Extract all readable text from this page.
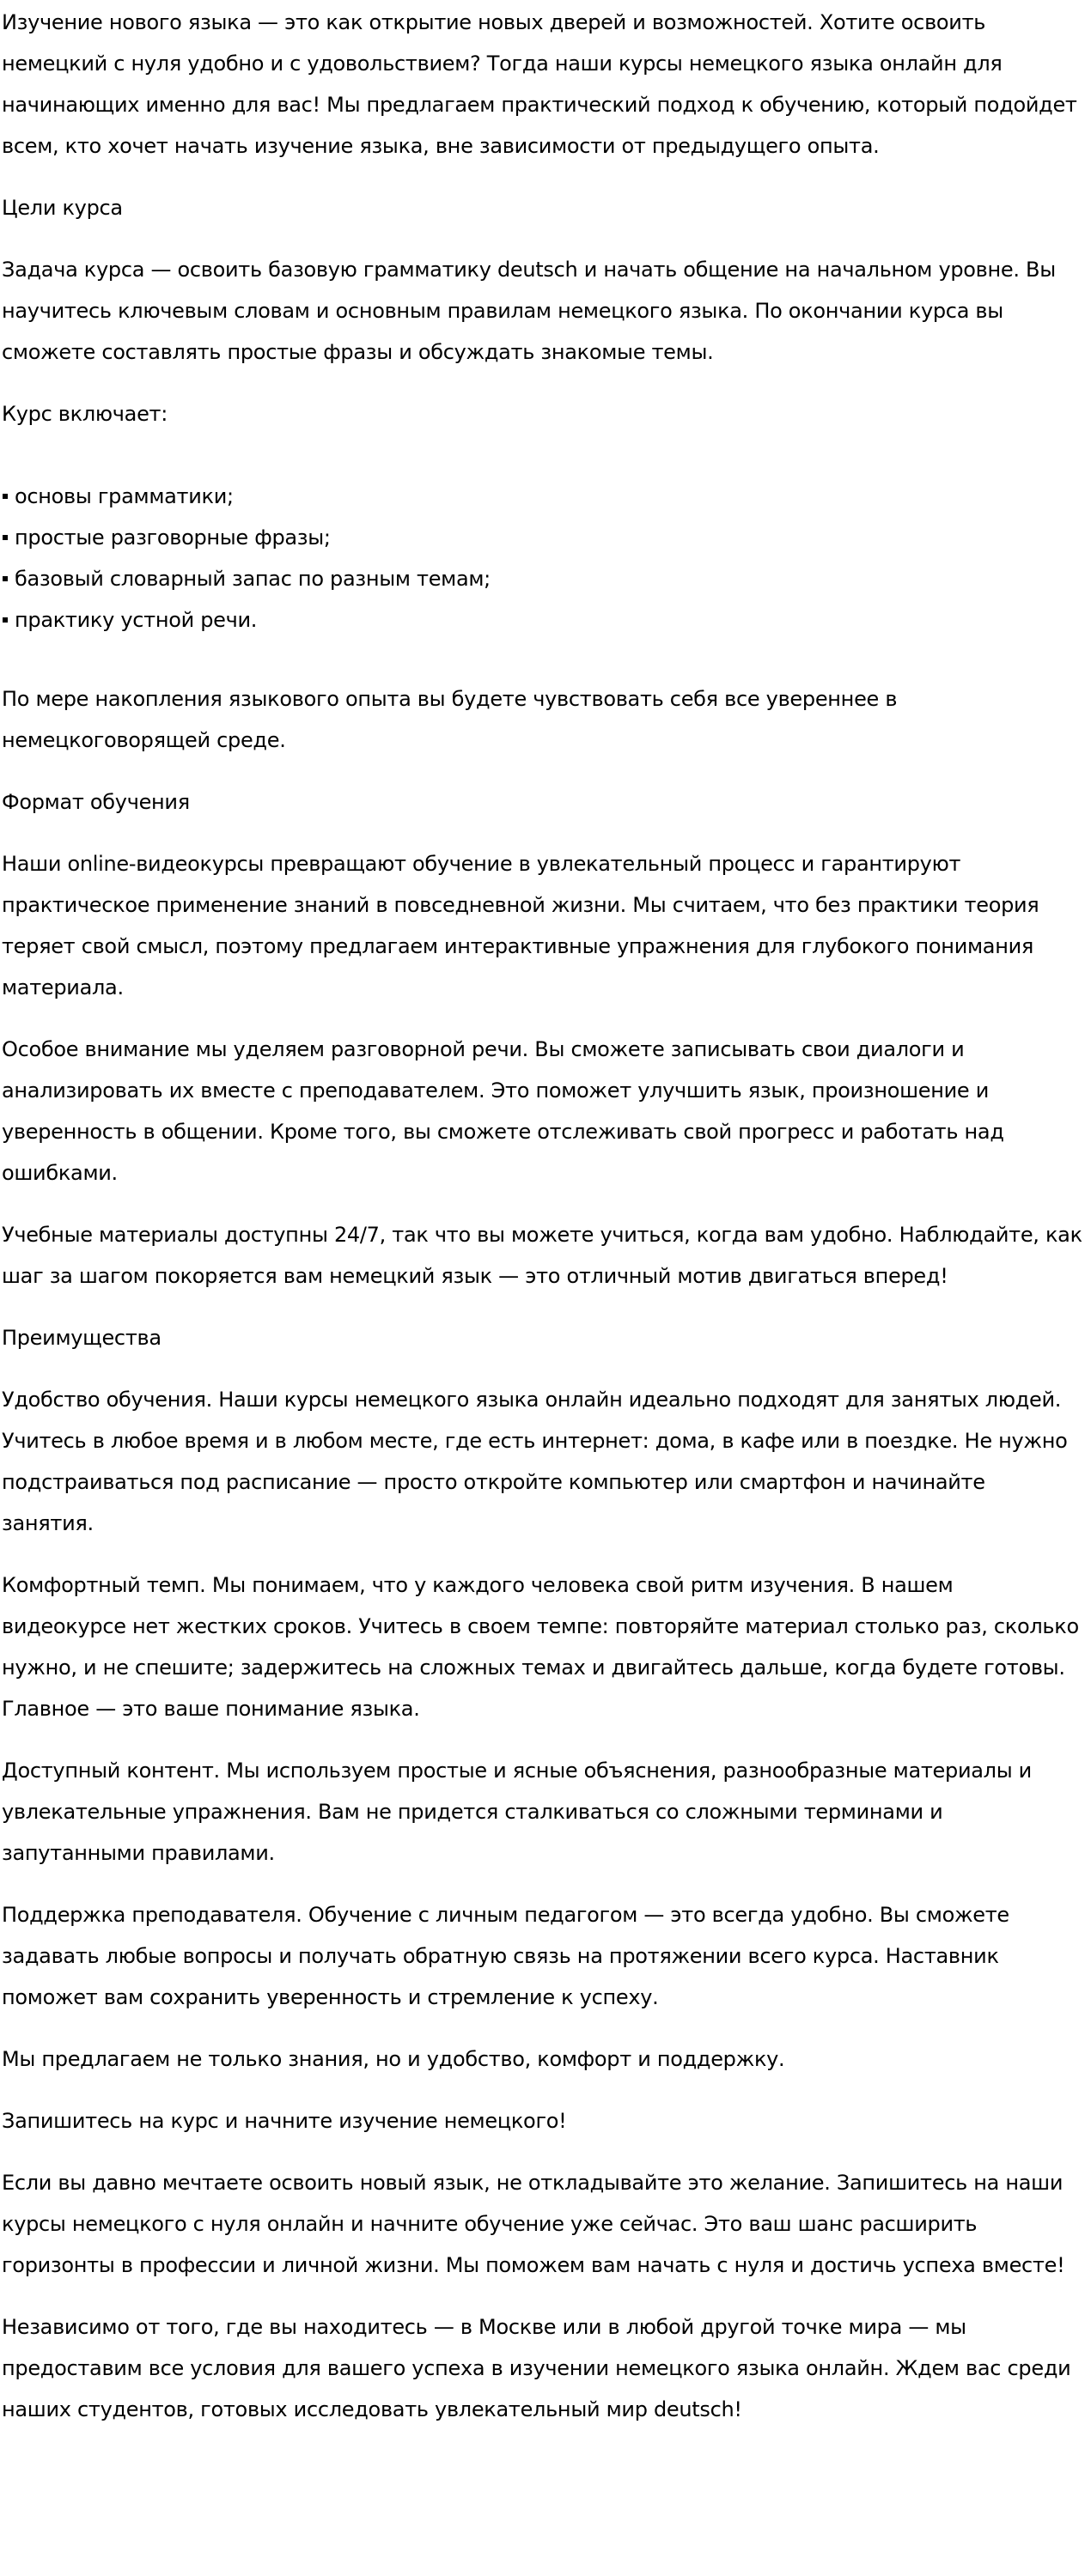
Изучение нового языка — это как открытие новых дверей и возможностей. Хотите освоить немецкий с нуля удобно и с удовольствием? Тогда наши курсы немецкого языка онлайн для начинающих именно для вас! Мы предлагаем практический подход к обучению, который подойдет всем, кто хочет начать изучение языка, вне зависимости от предыдущего опыта.

Цели курса

Задача курса — освоить базовую грамматику deutsch и начать общение на начальном уровне. Вы научитесь ключевым словам и основным правилам немецкого языка. По окончании курса вы сможете составлять простые фразы и обсуждать знакомые темы.

Курс включает:

основы грамматики;
простые разговорные фразы;
базовый словарный запас по разным темам;
практику устной речи.

По мере накопления языкового опыта вы будете чувствовать себя все увереннее в немецкоговорящей среде.

Формат обучения

Наши online-видеокурсы превращают обучение в увлекательный процесс и гарантируют практическое применение знаний в повседневной жизни. Мы считаем, что без практики теория теряет свой смысл, поэтому предлагаем интерактивные упражнения для глубокого понимания материала.

Особое внимание мы уделяем разговорной речи. Вы сможете записывать свои диалоги и анализировать их вместе с преподавателем. Это поможет улучшить язык, произношение и уверенность в общении. Кроме того, вы сможете отслеживать свой прогресс и работать над ошибками.

Учебные материалы доступны 24/7, так что вы можете учиться, когда вам удобно. Наблюдайте, как шаг за шагом покоряется вам немецкий язык — это отличный мотив двигаться вперед!

Преимущества

Удобство обучения. Наши курсы немецкого языка онлайн идеально подходят для занятых людей. Учитесь в любое время и в любом месте, где есть интернет: дома, в кафе или в поездке. Не нужно подстраиваться под расписание — просто откройте компьютер или смартфон и начинайте занятия.

Комфортный темп. Мы понимаем, что у каждого человека свой ритм изучения. В нашем видеокурсе нет жестких сроков. Учитесь в своем темпе: повторяйте материал столько раз, сколько нужно, и не спешите; задержитесь на сложных темах и двигайтесь дальше, когда будете готовы. Главное — это ваше понимание языка.

Доступный контент. Мы используем простые и ясные объяснения, разнообразные материалы и увлекательные упражнения. Вам не придется сталкиваться со сложными терминами и запутанными правилами.

Поддержка преподавателя. Обучение с личным педагогом — это всегда удобно. Вы сможете задавать любые вопросы и получать обратную связь на протяжении всего курса. Наставник поможет вам сохранить уверенность и стремление к успеху.

Мы предлагаем не только знания, но и удобство, комфорт и поддержку.

Запишитесь на курс и начните изучение немецкого!

Если вы давно мечтаете освоить новый язык, не откладывайте это желание. Запишитесь на наши курсы немецкого с нуля онлайн и начните обучение уже сейчас. Это ваш шанс расширить горизонты в профессии и личной жизни. Мы поможем вам начать с нуля и достичь успеха вместе!

Независимо от того, где вы находитесь — в Москве или в любой другой точке мира — мы предоставим все условия для вашего успеха в изучении немецкого языка онлайн. Ждем вас среди наших студентов, готовых исследовать увлекательный мир deutsch!
